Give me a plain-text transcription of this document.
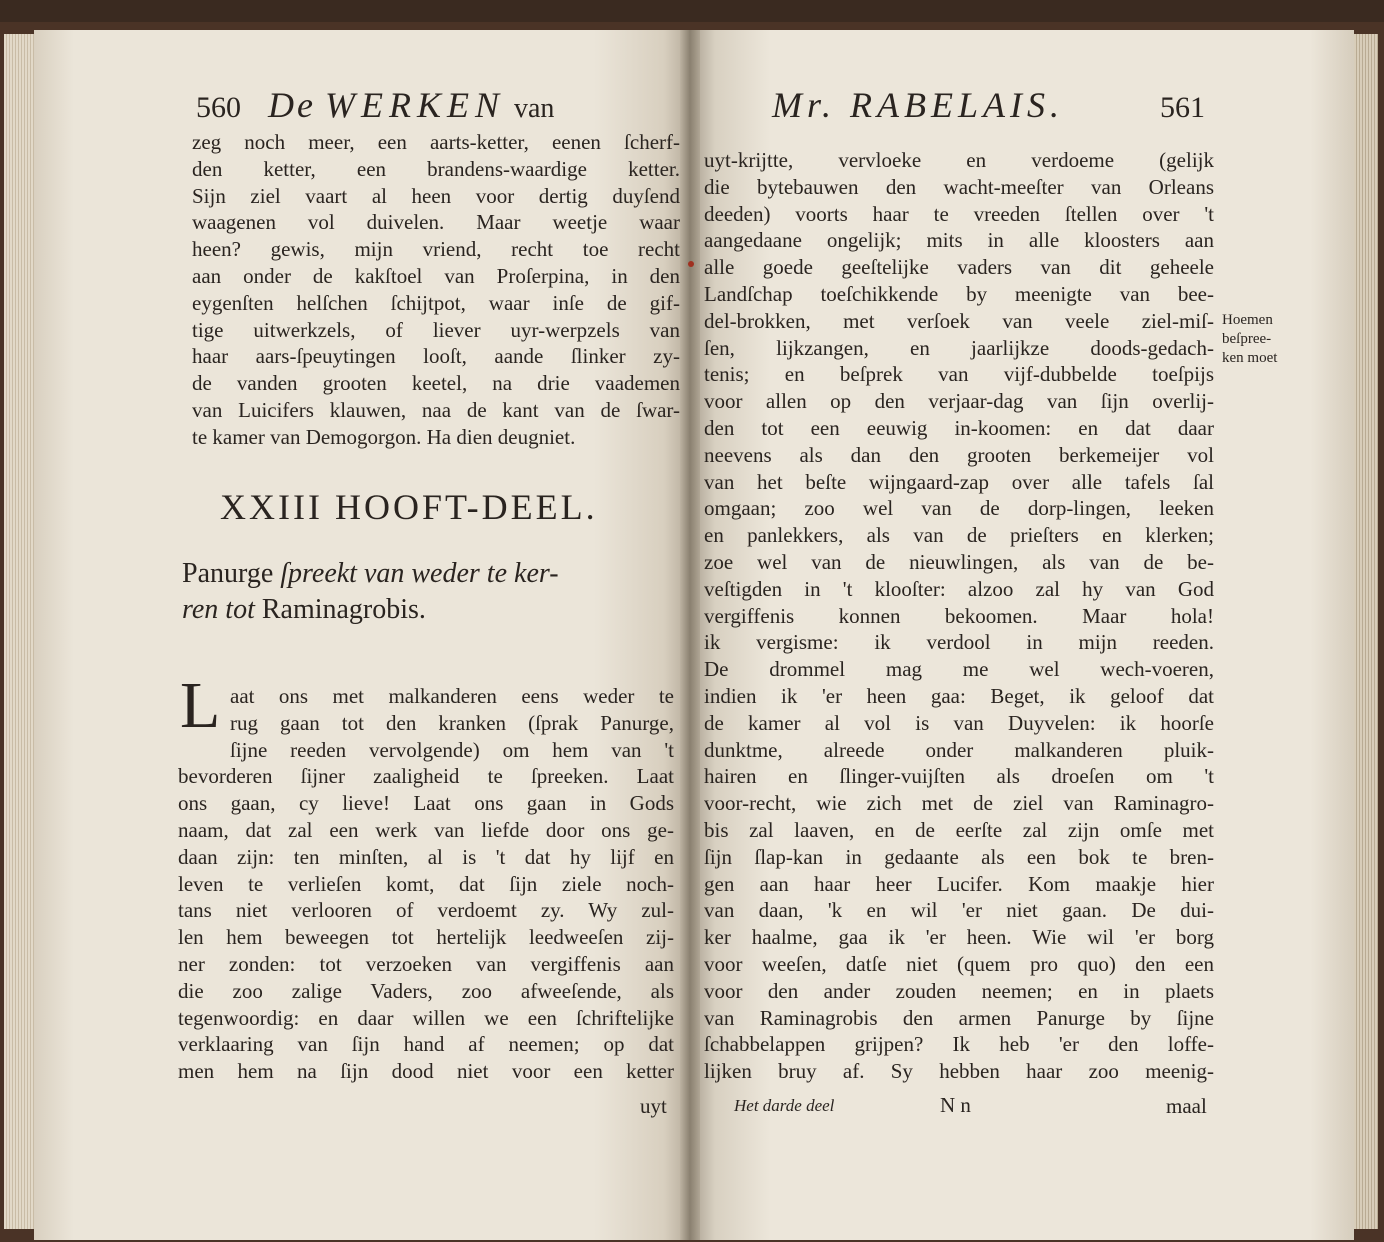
560 De WERKEN van
zeg noch meer, een aarts-ketter, eenen ſcherf-
den ketter, een brandens-waardige ketter.
Sijn ziel vaart al heen voor dertig duyſend
waagenen vol duivelen. Maar weetje waar
heen? gewis, mijn vriend, recht toe recht
aan onder de kakſtoel van Proſerpina, in den
eygenſten helſchen ſchijtpot, waar inſe de gif-
tige uitwerkzels, of liever uyr-werpzels van
haar aars-ſpeuytingen looſt, aande ſlinker zy-
de vanden grooten keetel, na drie vaademen
van Luicifers klauwen, naa de kant van de ſwar-
te kamer van Demogorgon. Ha dien deugniet.
XXIII HOOFT-DEEL.
Panurge ſpreekt van weder te ker-
ren tot Raminagrobis.
L aat ons met malkanderen eens weder te
rug gaan tot den kranken (ſprak Panurge,
ſijne reeden vervolgende) om hem van 't
bevorderen ſijner zaaligheid te ſpreeken. Laat
ons gaan, cy lieve! Laat ons gaan in Gods
naam, dat zal een werk van liefde door ons ge-
daan zijn: ten minſten, al is 't dat hy lijf en
leven te verlieſen komt, dat ſijn ziele noch-
tans niet verlooren of verdoemt zy. Wy zul-
len hem beweegen tot hertelijk leedweeſen zij-
ner zonden: tot verzoeken van vergiffenis aan
die zoo zalige Vaders, zoo afweeſende, als
tegenwoordig: en daar willen we een ſchriftelijke
verklaaring van ſijn hand af neemen; op dat
men hem na ſijn dood niet voor een ketter
uyt
Mr. RABELAIS.	561
uyt-krijtte, vervloeke en verdoeme (gelijk
die bytebauwen den wacht-meeſter van Orleans
deeden) voorts haar te vreeden ſtellen over 't
aangedaane ongelijk; mits in alle kloosters aan
alle goede geeſtelijke vaders van dit geheele
Landſchap toeſchikkende by meenigte van bee-
del-brokken, met verſoek van veele ziel-miſ-
ſen, lijkzangen, en jaarlijkze doods-gedach-
tenis; en beſprek van vijf-dubbelde toeſpijs
voor allen op den verjaar-dag van ſijn overlij-
den tot een eeuwig in-koomen: en dat daar
neevens als dan den grooten berkemeijer vol
van het beſte wijngaard-zap over alle tafels ſal
omgaan; zoo wel van de dorp-lingen, leeken
en panlekkers, als van de prieſters en klerken;
zoe wel van de nieuwlingen, als van de be-
veſtigden in 't klooſter: alzoo zal hy van God
vergiffenis konnen bekoomen. Maar hola!
ik vergisme: ik verdool in mijn reeden.
De drommel mag me wel wech-voeren,
indien ik 'er heen gaa: Beget, ik geloof dat
de kamer al vol is van Duyvelen: ik hoorſe
dunktme, alreede onder malkanderen pluik-
hairen en ſlinger-vuijſten als droeſen om 't
voor-recht, wie zich met de ziel van Raminagro-
bis zal laaven, en de eerſte zal zijn omſe met
ſijn ſlap-kan in gedaante als een bok te bren-
gen aan haar heer Lucifer. Kom maakje hier
van daan, 'k en wil 'er niet gaan. De dui-
ker haalme, gaa ik 'er heen. Wie wil 'er borg
voor weeſen, datſe niet (quem pro quo) den een
voor den ander zouden neemen; en in plaets
van Raminagrobis den armen Panurge by ſijne
ſchabbelappen grijpen? Ik heb 'er den loffe-
lijken bruy af. Sy hebben haar zoo meenig-
Hoemen
beſpree-
ken moet
Het darde deel	N n	maal
